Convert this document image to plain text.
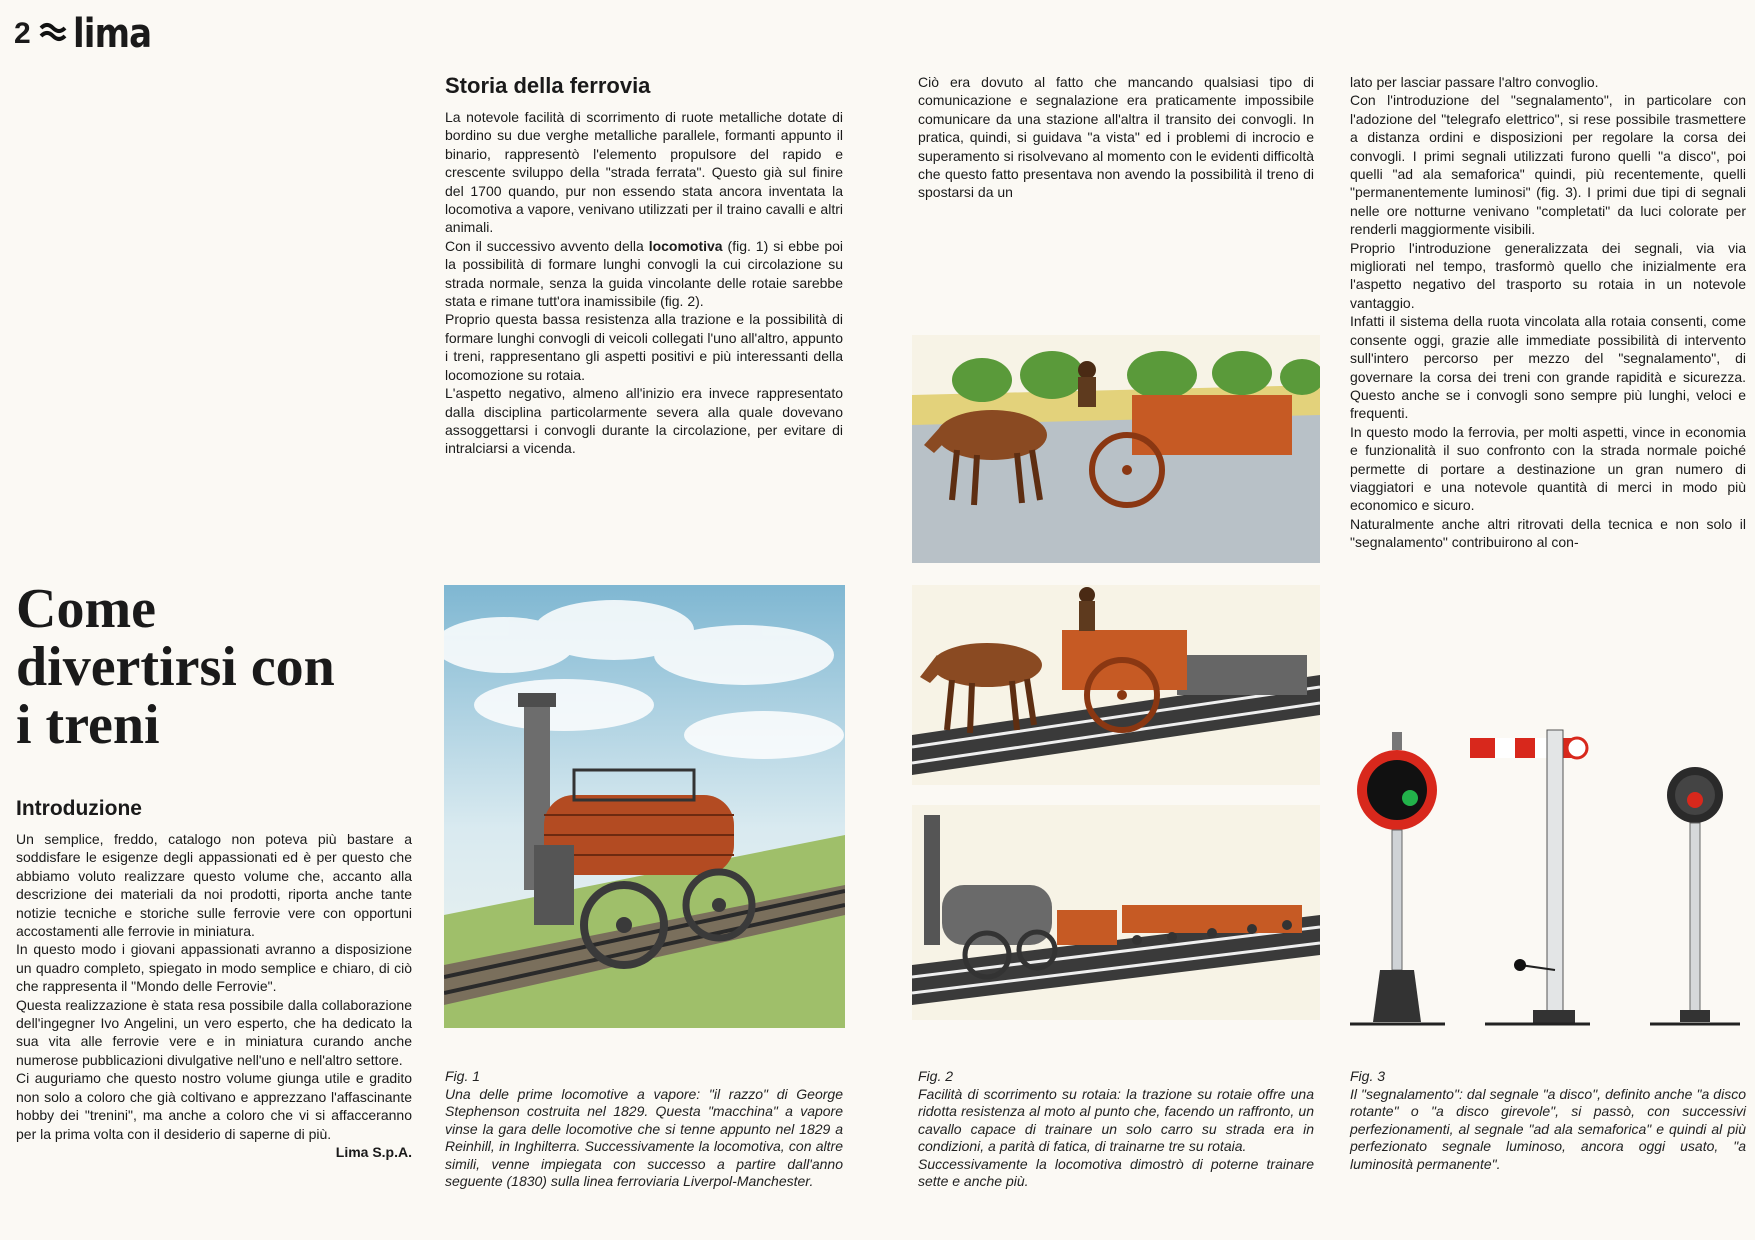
2 lima
Come
divertirsi con
i treni
Introduzione

Un semplice, freddo, catalogo non poteva più bastare a soddisfare le esigenze degli appassionati ed è per questo che abbiamo voluto realizzare questo volume che, accanto alla descrizione dei materiali da noi prodotti, riporta anche tante notizie tecniche e storiche sulle ferrovie vere con opportuni accostamenti alle ferrovie in miniatura.

In questo modo i giovani appassionati avranno a disposizione un quadro completo, spiegato in modo semplice e chiaro, di ciò che rappresenta il "Mondo delle Ferrovie".

Questa realizzazione è stata resa possibile dalla collaborazione dell'ingegner Ivo Angelini, un vero esperto, che ha dedicato la sua vita alle ferrovie vere e in miniatura curando anche numerose pubblicazioni divulgative nell'uno e nell'altro settore.

Ci auguriamo che questo nostro volume giunga utile e gradito non solo a coloro che già coltivano e apprezzano l'affascinante hobby dei "trenini", ma anche a coloro che vi si affacceranno per la prima volta con il desiderio di saperne di più.

Lima S.p.A.

Storia della ferrovia

La notevole facilità di scorrimento di ruote metalliche dotate di bordino su due verghe metalliche parallele, formanti appunto il binario, rappresentò l'elemento propulsore del rapido e crescente sviluppo della "strada ferrata". Questo già sul finire del 1700 quando, pur non essendo stata ancora inventata la locomotiva a vapore, venivano utilizzati per il traino cavalli e altri animali.

Con il successivo avvento della locomotiva (fig. 1) si ebbe poi la possibilità di formare lunghi convogli la cui circolazione su strada normale, senza la guida vincolante delle rotaie sarebbe stata e rimane tutt'ora inamissibile (fig. 2).

Proprio questa bassa resistenza alla trazione e la possibilità di formare lunghi convogli di veicoli collegati l'uno all'altro, appunto i treni, rappresentano gli aspetti positivi e più interessanti della locomozione su rotaia.

L'aspetto negativo, almeno all'inizio era invece rappresentato dalla disciplina particolarmente severa alla quale dovevano assoggettarsi i convogli durante la circolazione, per evitare di intralciarsi a vicenda.

Ciò era dovuto al fatto che mancando qualsiasi tipo di comunicazione e segnalazione era praticamente impossibile comunicare da una stazione all'altra il transito dei convogli. In pratica, quindi, si guidava "a vista" ed i problemi di incrocio e superamento si risolvevano al momento con le evidenti difficoltà che questo fatto presentava non avendo la possibilità il treno di spostarsi da un

lato per lasciar passare l'altro convoglio.

Con l'introduzione del "segnalamento", in particolare con l'adozione del "telegrafo elettrico", si rese possibile trasmettere a distanza ordini e disposizioni per regolare la corsa dei convogli. I primi segnali utilizzati furono quelli "a disco", poi quelli "ad ala semaforica" quindi, più recentemente, quelli "permanentemente luminosi" (fig. 3). I primi due tipi di segnali nelle ore notturne venivano "completati" da luci colorate per renderli maggiormente visibili.

Proprio l'introduzione generalizzata dei segnali, via via migliorati nel tempo, trasformò quello che inizialmente era l'aspetto negativo del trasporto su rotaia in un notevole vantaggio.

Infatti il sistema della ruota vincolata alla rotaia consenti, come consente oggi, grazie alle immediate possibilità di intervento sull'intero percorso per mezzo del "segnalamento", di governare la corsa dei treni con grande rapidità e sicurezza. Questo anche se i convogli sono sempre più lunghi, veloci e frequenti.

In questo modo la ferrovia, per molti aspetti, vince in economia e funzionalità il suo confronto con la strada normale poiché permette di portare a destinazione un gran numero di viaggiatori e una notevole quantità di merci in modo più economico e sicuro.

Naturalmente anche altri ritrovati della tecnica e non solo il "segnalamento" contribuirono al con-

Fig. 1

Una delle prime locomotive a vapore: "il razzo" di George Stephenson costruita nel 1829. Questa "macchina" a vapore vinse la gara delle locomotive che si tenne appunto nel 1829 a Reinhill, in Inghilterra. Successivamente la locomotiva, con altre simili, venne impiegata con successo a partire dall'anno seguente (1830) sulla linea ferroviaria Liverpol-Manchester.

Fig. 2

Facilità di scorrimento su rotaia: la trazione su rotaie offre una ridotta resistenza al moto al punto che, facendo un raffronto, un cavallo capace di trainare un solo carro su strada era in condizioni, a parità di fatica, di trainarne tre su rotaia.

Successivamente la locomotiva dimostrò di poterne trainare sette e anche più.

Fig. 3

Il "segnalamento": dal segnale "a disco", definito anche "a disco rotante" o "a disco girevole", si passò, con successivi perfezionamenti, al segnale "ad ala semaforica" e quindi al più perfezionato segnale luminoso, ancora oggi usato, "a luminosità permanente".
